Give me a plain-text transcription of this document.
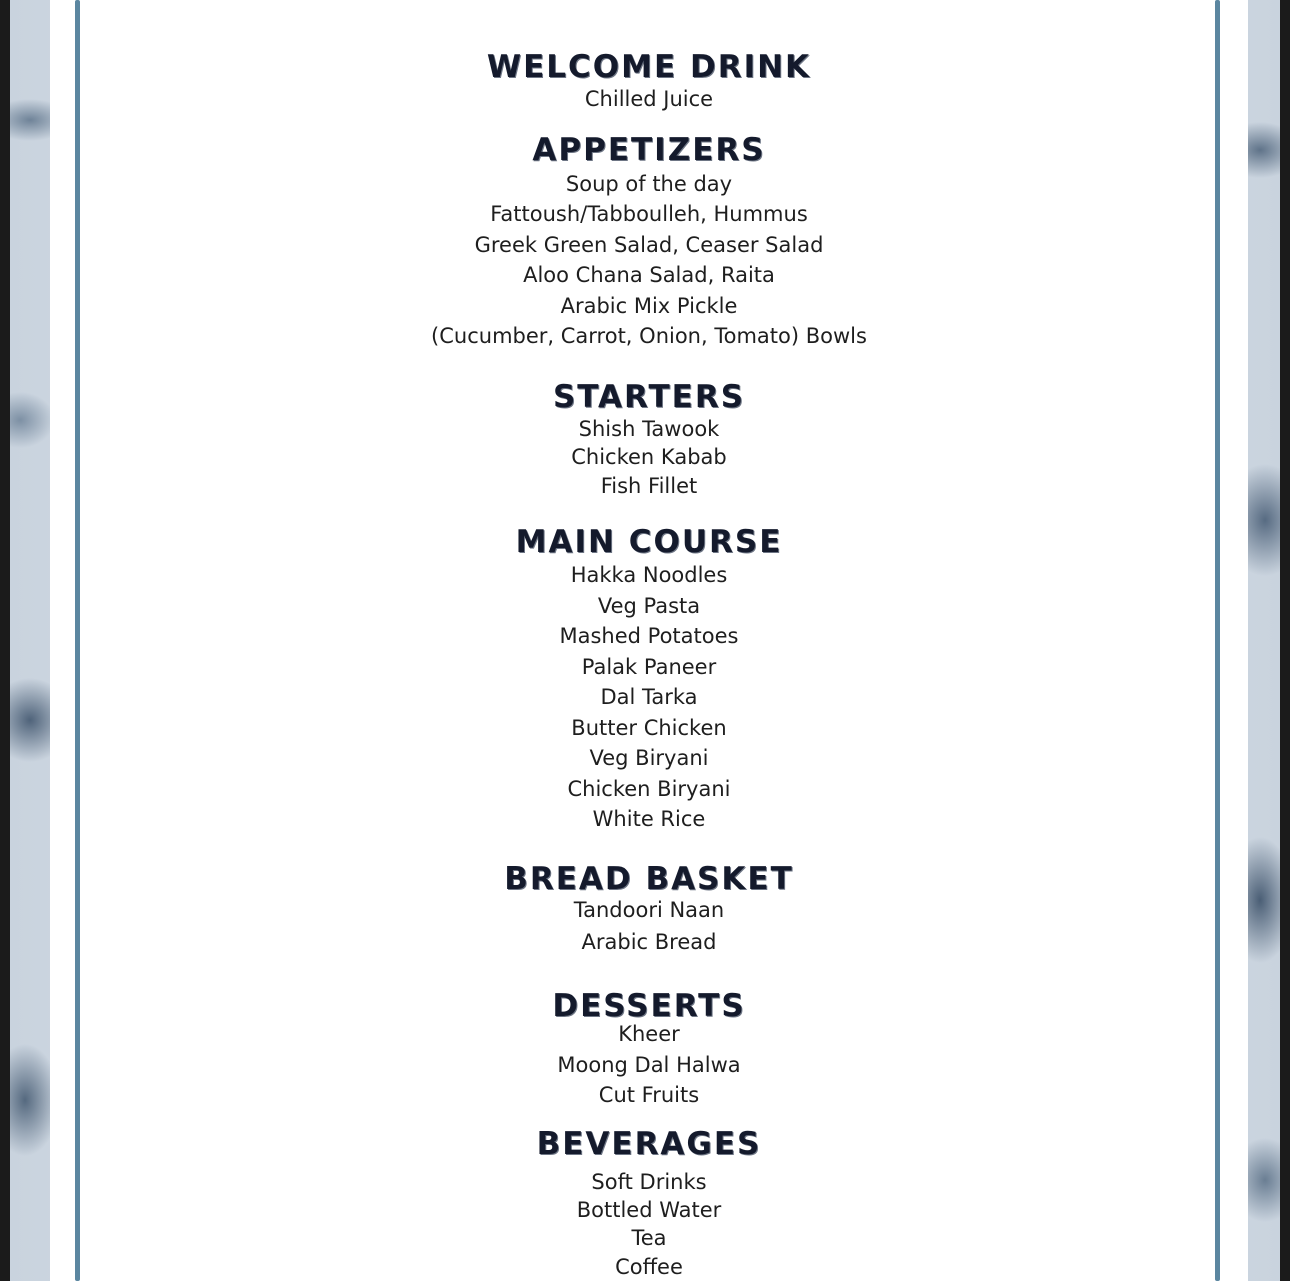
WELCOME DRINK
Chilled Juice
APPETIZERS
Soup of the day
Fattoush/Tabboulleh, Hummus
Greek Green Salad, Ceaser Salad
Aloo Chana Salad, Raita
Arabic Mix Pickle
(Cucumber, Carrot, Onion, Tomato) Bowls
STARTERS
Shish Tawook
Chicken Kabab
Fish Fillet
MAIN COURSE
Hakka Noodles
Veg Pasta
Mashed Potatoes
Palak Paneer
Dal Tarka
Butter Chicken
Veg Biryani
Chicken Biryani
White Rice
BREAD BASKET
Tandoori Naan
Arabic Bread
DESSERTS
Kheer
Moong Dal Halwa
Cut Fruits
BEVERAGES
Soft Drinks
Bottled Water
Tea
Coffee
